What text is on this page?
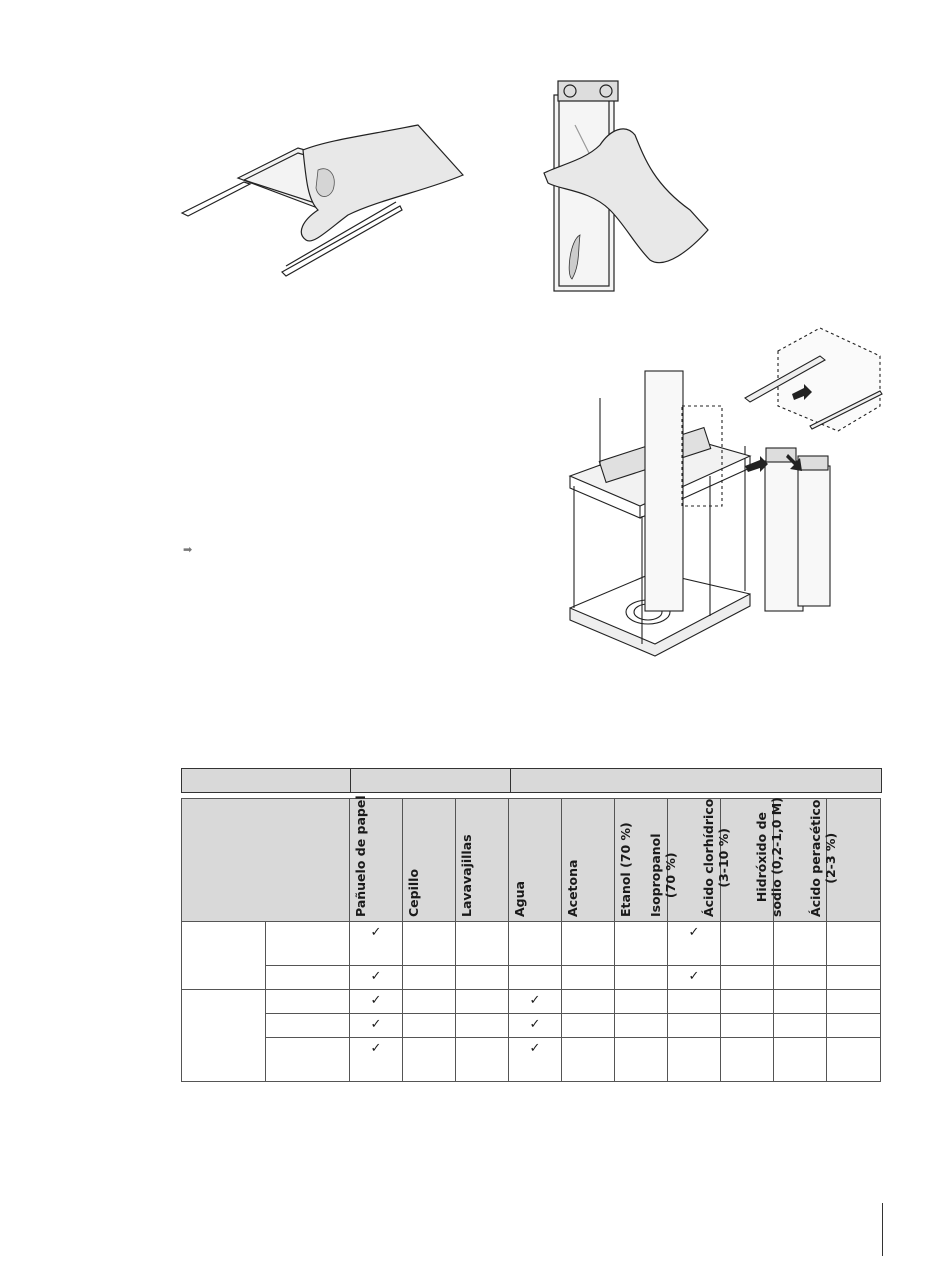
➡

		Pañuelo de papel	Cepillo	Lavavajillas	Agua	Acetona	Etanol (70 %)	Isopropanol
(70 %)	Ácido clorhídrico
(3-10 %)	Hidróxido de
sodio (0,2-1,0 M)	Ácido peracético
(2-3 %)

		✓						✓			
		✓						✓			
		✓			✓						
		✓			✓						
		✓			✓						
